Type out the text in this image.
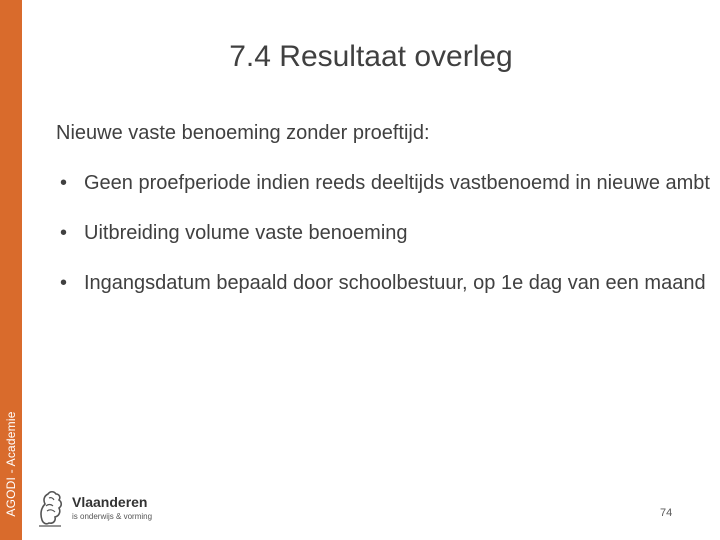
AGODI - Academie
7.4 Resultaat overleg
Nieuwe vaste benoeming zonder proeftijd:
• Geen proefperiode indien reeds deeltijds vastbenoemd in nieuwe ambt
• Uitbreiding volume vaste benoeming
• Ingangsdatum bepaald door schoolbestuur, op 1e dag van een maand
Vlaanderen
is onderwijs & vorming	74
